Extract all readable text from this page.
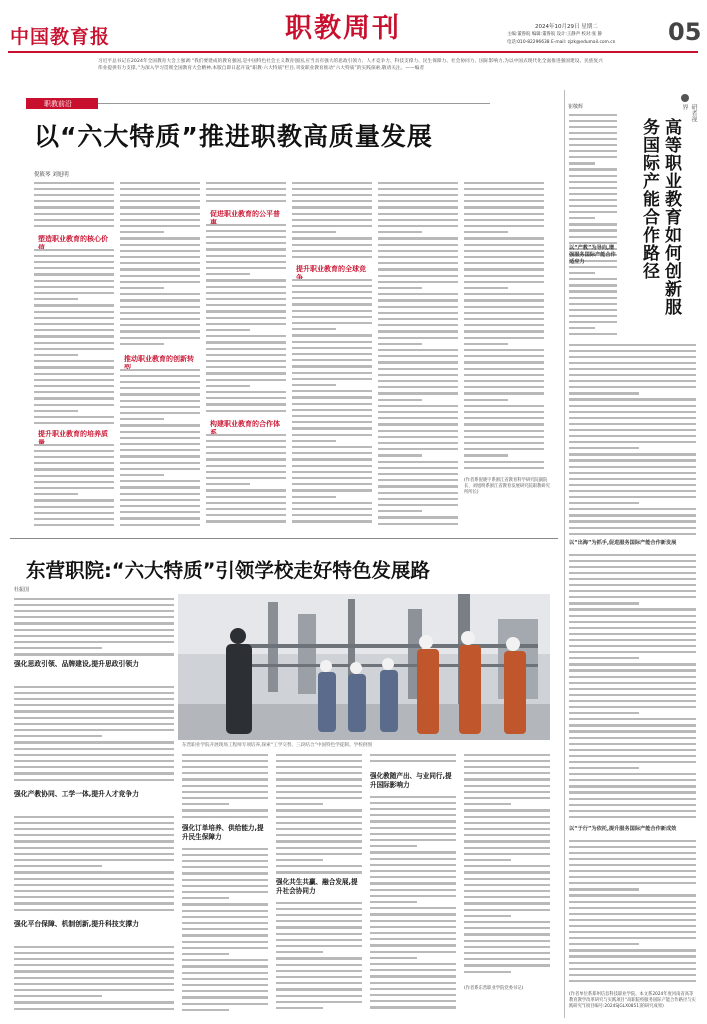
中国教育报	职教周刊	2024年10月29日 星期二
主编:董鲁皖 编辑:董鲁皖 设计:王静声 校对:张 静
电话:010-82296638 E-mail: zjzk@edumail.com.cn 05
习近平总书记在2024年全国教育大会上强调:“我们要建成的教育强国,是中国特色社会主义教育强国,应当具有强大的思政引领力、人才竞争力、科技支撑力、民生保障力、社会协同力、国际影响力,为以中国式现代化全面推进强国建设、民族复兴伟业提供有力支撑。”为深入学习贯彻全国教育大会精神,本版自即日起开设“职教·六大特质”栏目,刊发职业教育推动“六大特质”的实践探索,敬请关注。——编者
职教前沿
以“六大特质”推进职教高质量发展
倪筱琴 刘旭明
塑造职业教育的核心价
提升职业教育的培养质
推动职业教育的创新转
促进职业教育的公平普
构建职业教育的合作体
提升职业教育的全球竞
(作者系倪晓宇系浙江省教育科学研究院副院长、刘旭明系浙江省教育发展研究院职教研究所所长)
研者视界
高等职业教育如何创新服务国际产能合作路径
崔敬辉
以“产教”为导向,增强服务国际产能合作适应力
以“出海”为抓手,促进服务国际产能合作新发展
以“于行”为依托,提升服务国际产能合作新成效
(作者单位系郑州信息科技职业学院。本文系2024年度河南省高等教育教学改革研究与实践项目“高职院校服务国际产能合作路径与实践研究”[项目编号:2024SJGLX0851]的研究成果)
东营职院:“六大特质”引领学校走好特色发展路
杜振国
东营职业学院开展现场工程师专项培养,探索“工学交替、三段结合”中国特色学徒制。学校供图
强化思政引领、品牌建设,提升思政引领力
强化产教协同、工学一体,提升人才竞争力
强化平台保障、机制创新,提升科技支撑力
强化订单培养、供给能力,提升民生保障力
强化共生共赢、融合发展,提升社会协同力
强化教随产出、与业同行,提升国际影响力
(作者系东营职业学院党委书记)
